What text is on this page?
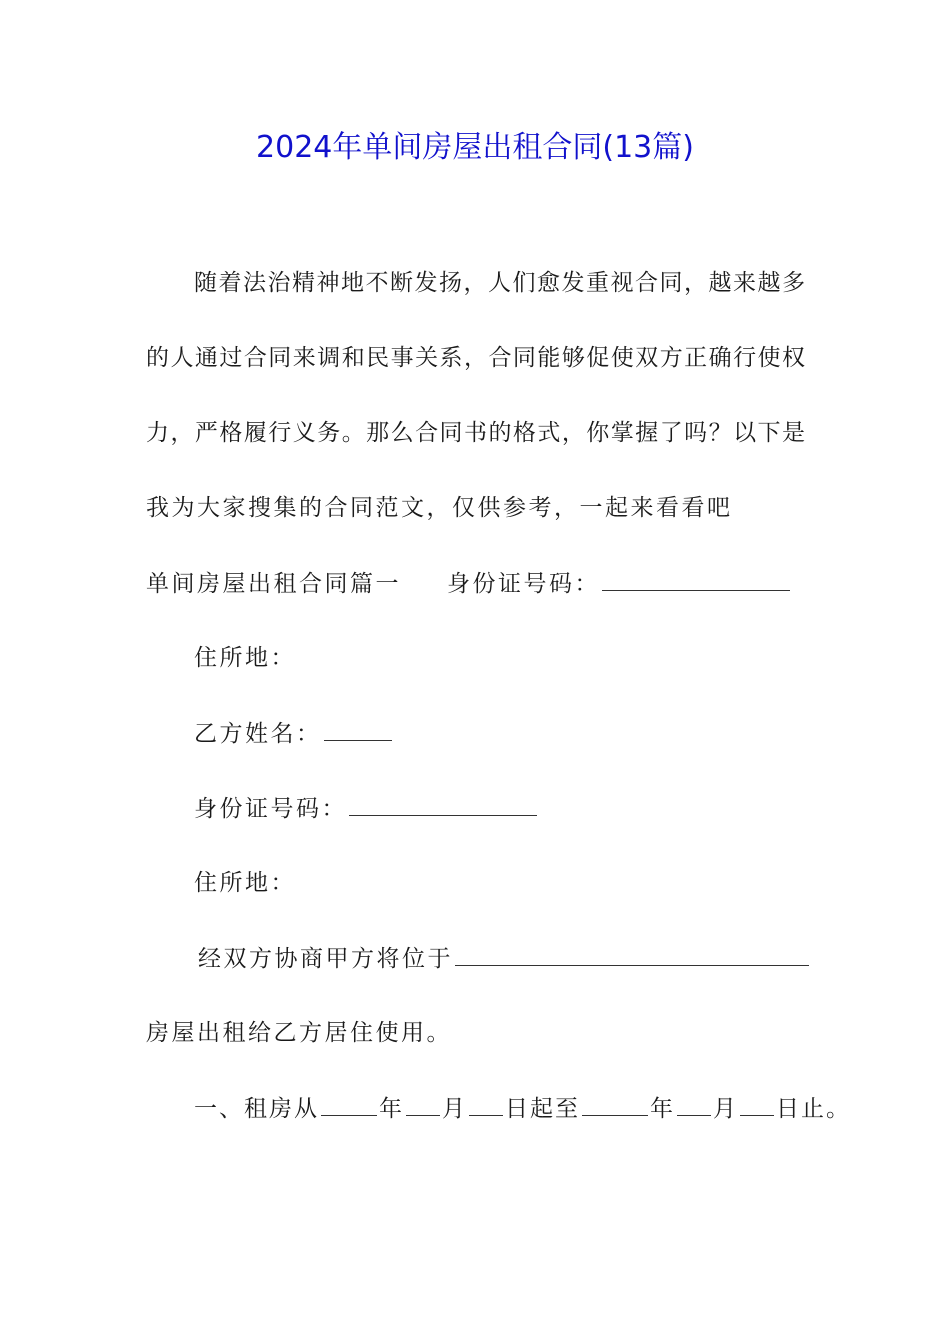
2024年单间房屋出租合同(13篇)
随着法治精神地不断发扬，人们愈发重视合同，越来越多
的人通过合同来调和民事关系，合同能够促使双方正确行使权
力，严格履行义务。那么合同书的格式，你掌握了吗？以下是
我为大家搜集的合同范文，仅供参考，一起来看看吧
单间房屋出租合同篇一 身份证号码：
住所地：
乙方姓名：
身份证号码：
住所地：
经双方协商甲方将位于
房屋出租给乙方居住使用。
一、租房从	年 月 日起至	年 月 日止。
